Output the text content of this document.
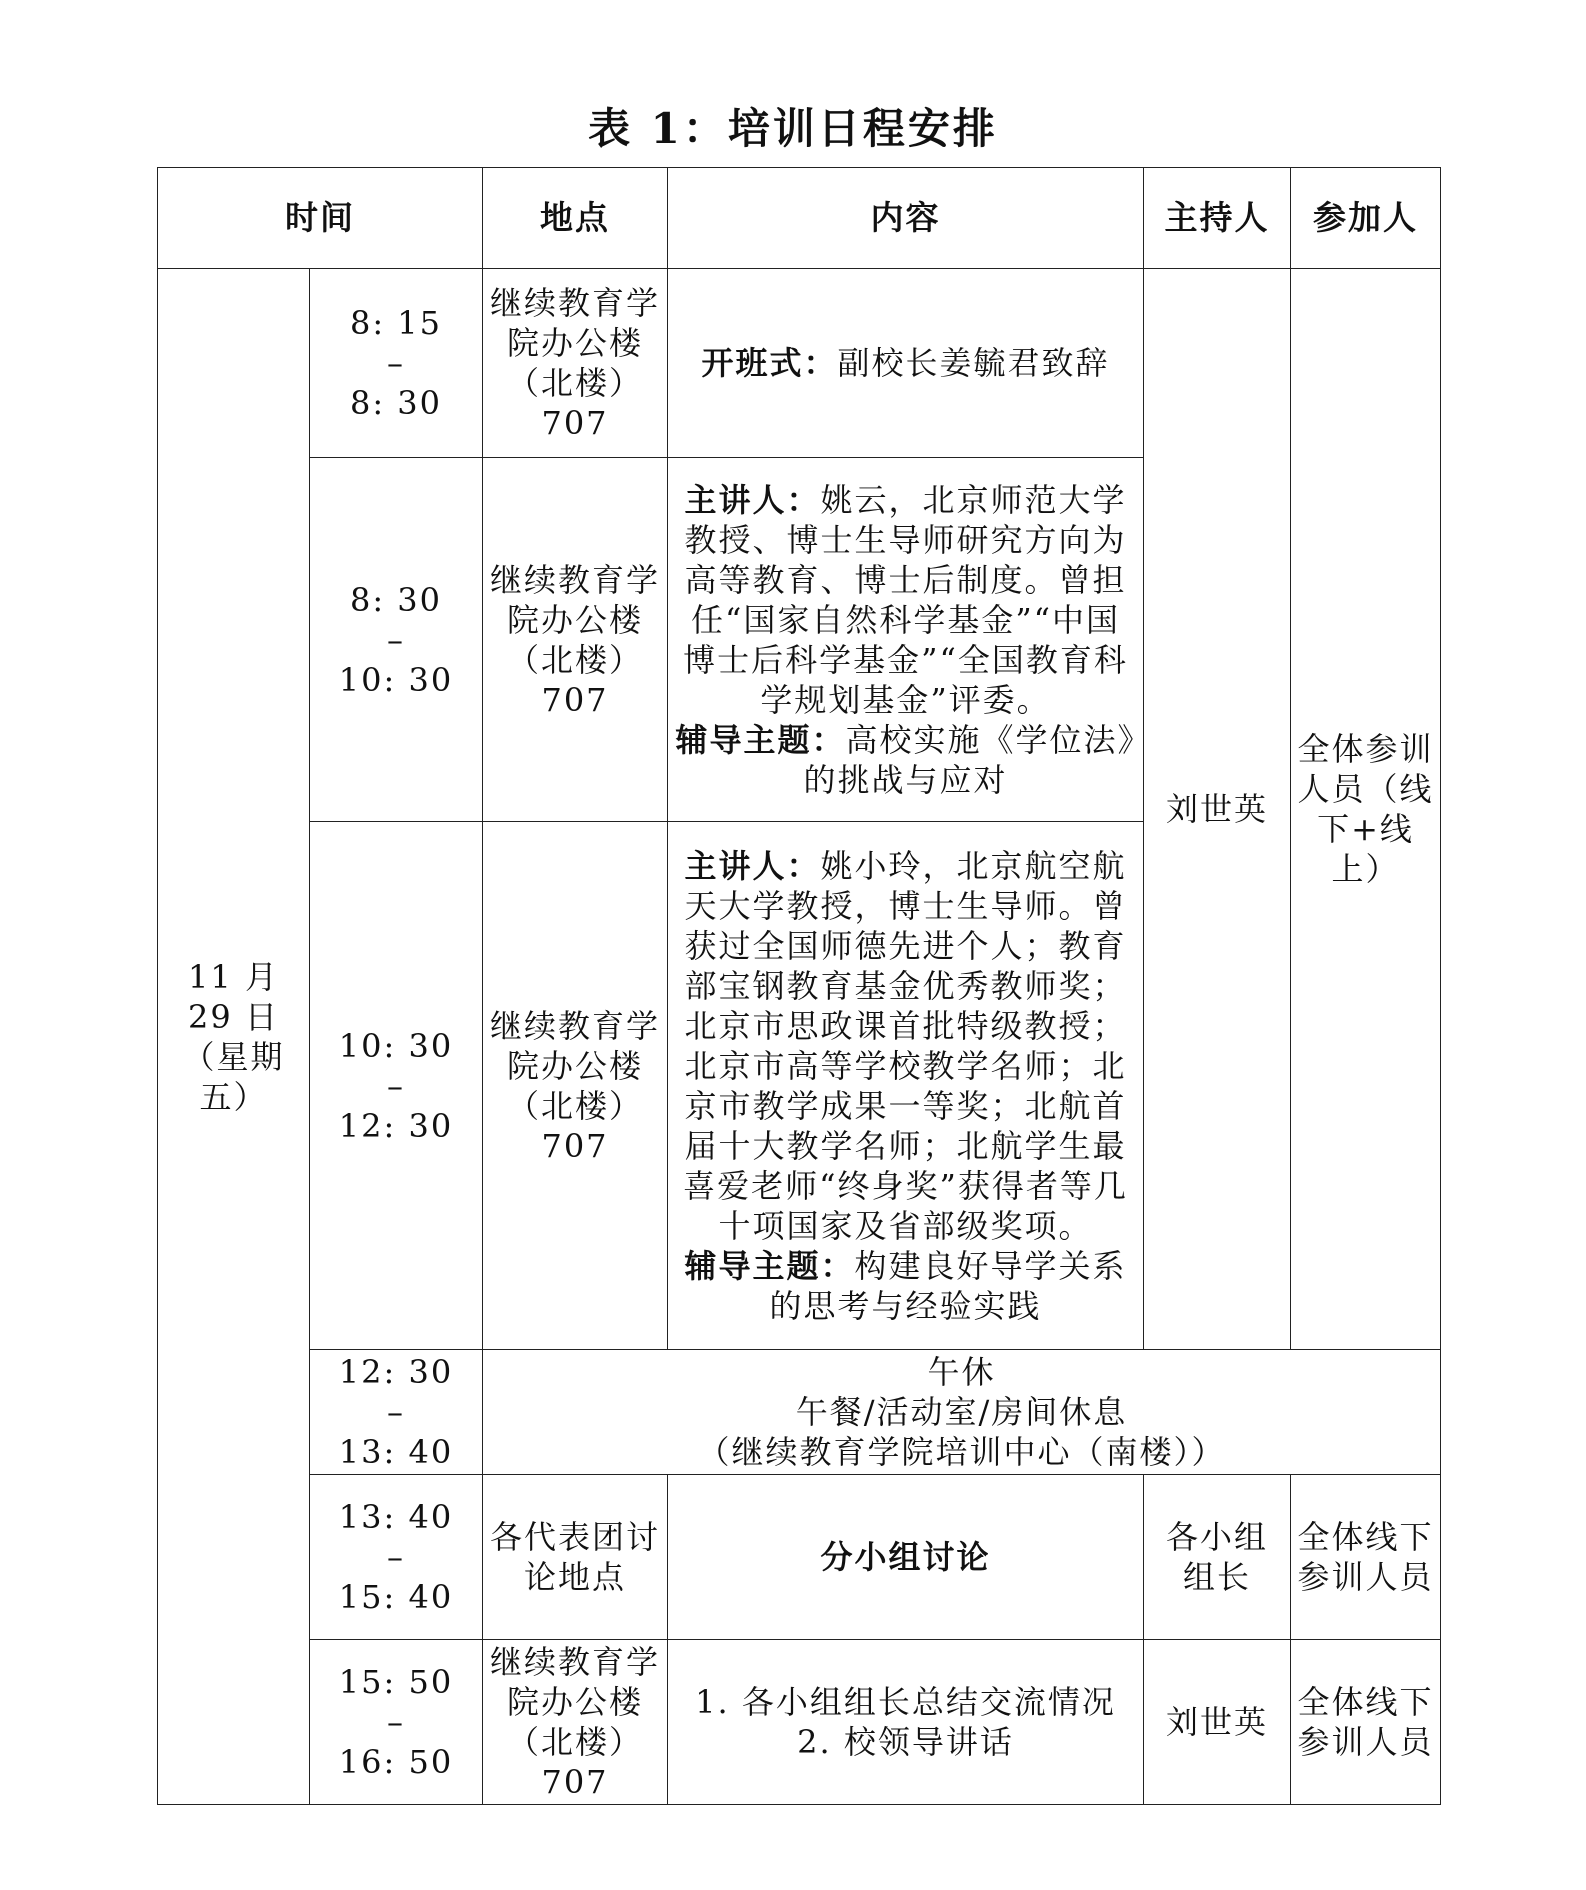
表 1：培训日程安排
时间		地点	内容	主持人	参加人
11 月 29 日（星期五）	8: 15
–
8: 30	继续教育学院办公楼（北楼）707	开班式：副校长姜毓君致辞	刘世英	全体参训人员（线下+线上）

	8: 30
–
10: 30	继续教育学院办公楼（北楼）707	主讲人：姚云，北京师范大学教授、博士生导师研究方向为高等教育、博士后制度。曾担任“国家自然科学基金”“中国博士后科学基金”“全国教育科学规划基金”评委。
辅导主题：高校实施《学位法》的挑战与应对		

	10: 30
–
12: 30	继续教育学院办公楼（北楼）707	主讲人：姚小玲，北京航空航天大学教授，博士生导师。曾获过全国师德先进个人；教育部宝钢教育基金优秀教师奖；北京市思政课首批特级教授；北京市高等学校教学名师；北京市教学成果一等奖；北航首届十大教学名师；北航学生最喜爱老师“终身奖”获得者等几十项国家及省部级奖项。
辅导主题：构建良好导学关系的思考与经验实践		

	12: 30
–
13: 40	午休
午餐/活动室/房间休息
（继续教育学院培训中心（南楼））			

	13: 40
–
15: 40	各代表团讨论地点	分小组讨论	各小组组长	全体线下参训人员

	15: 50
–
16: 50	继续教育学院办公楼（北楼）707	1. 各小组组长总结交流情况
2. 校领导讲话	刘世英	全体线下参训人员
